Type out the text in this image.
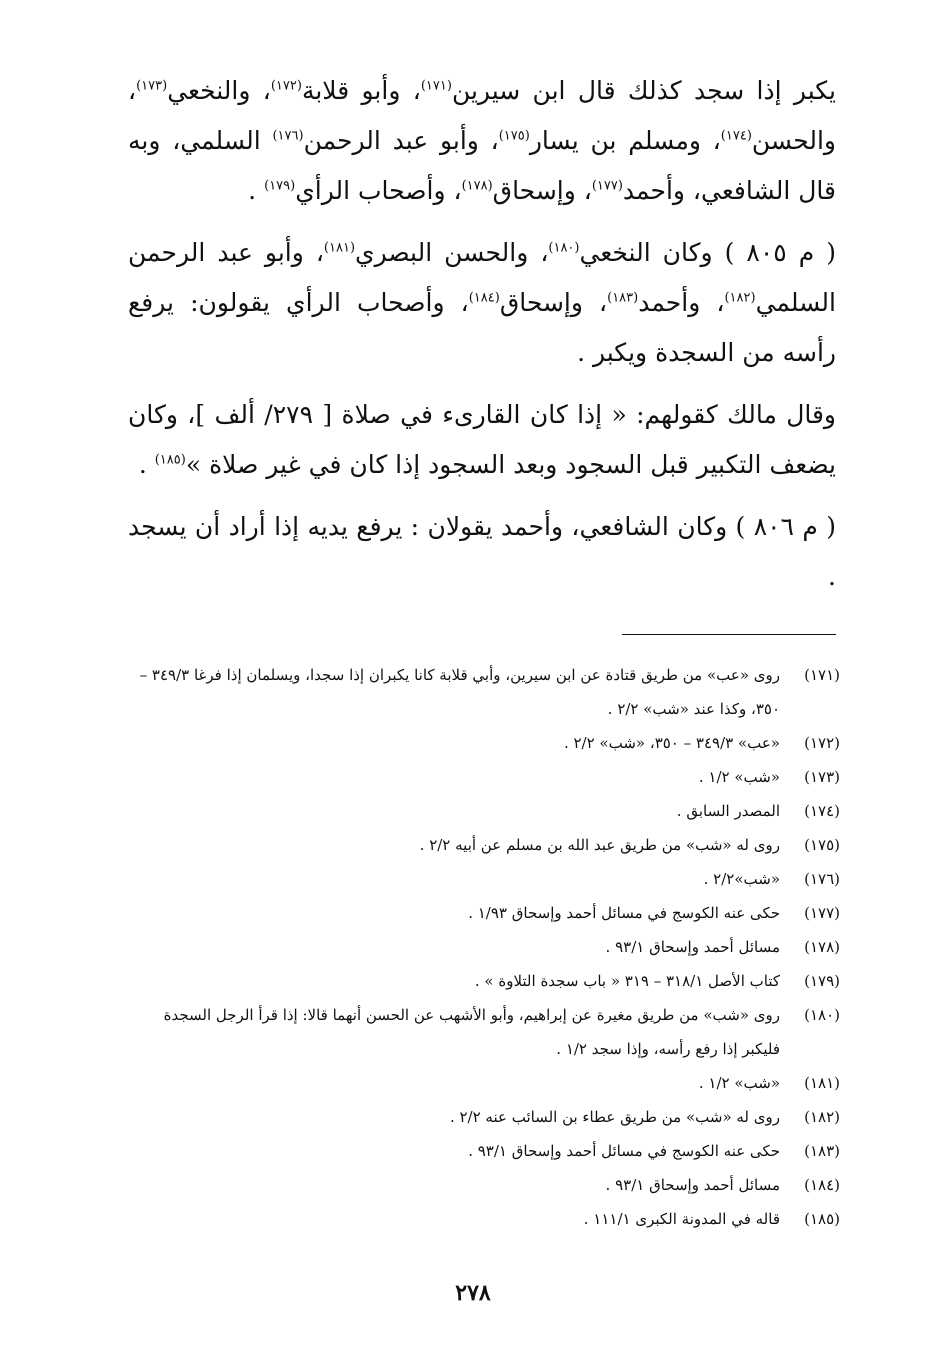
يكبر إذا سجد كذلك قال ابن سيرين$^{(١٧١)}$، وأبو قلابة$^{(١٧٢)}$، والنخعي$^{(١٧٣)}$، والحسن$^{(١٧٤)}$، ومسلم بن يسار$^{(١٧٥)}$، وأبو عبد الرحمن$^{(١٧٦)}$ السلمي، وبه قال الشافعي، وأحمد$^{(١٧٧)}$، وإسحاق$^{(١٧٨)}$، وأصحاب الرأي$^{(١٧٩)}$ .

( م ٨٠٥ ) وكان النخعي$^{(١٨٠)}$، والحسن البصري$^{(١٨١)}$، وأبو عبد الرحمن السلمي$^{(١٨٢)}$، وأحمد$^{(١٨٣)}$، وإسحاق$^{(١٨٤)}$، وأصحاب الرأي يقولون: يرفع رأسه من السجدة ويكبر .

وقال مالك كقولهم: « إذا كان القارىء في صلاة [ ٢٧٩/ ألف ]، وكان يضعف التكبير قبل السجود وبعد السجود إذا كان في غير صلاة »$^{(١٨٥)}$ .

( م ٨٠٦ ) وكان الشافعي، وأحمد يقولان : يرفع يديه إذا أراد أن يسجد .

(١٧١)
روى «عب» من طريق قتادة عن ابن سيرين، وأبي قلابة كانا يكبران إذا سجدا، ويسلمان إذا فرغا ٣٤٩/٣ – ٣٥٠، وكذا عند «شب» ٢/٢ .
(١٧٢)
«عب» ٣٤٩/٣ – ٣٥٠، «شب» ٢/٢ .
(١٧٣)
«شب» ١/٢ .
(١٧٤)
المصدر السابق .
(١٧٥)
روى له «شب» من طريق عبد الله بن مسلم عن أبيه ٢/٢ .
(١٧٦)
«شب»٢/٢ .
(١٧٧)
حكى عنه الكوسج في مسائل أحمد وإسحاق ١/٩٣ .
(١٧٨)
مسائل أحمد وإسحاق ٩٣/١ .
(١٧٩)
كتاب الأصل ٣١٨/١ – ٣١٩ « باب سجدة التلاوة » .
(١٨٠)
روى «شب» من طريق مغيرة عن إبراهيم، وأبو الأشهب عن الحسن أنهما قالا: إذا قرأ الرجل السجدة فليكبر إذا رفع رأسه، وإذا سجد ١/٢ .
(١٨١)
«شب» ١/٢ .
(١٨٢)
روى له «شب» من طريق عطاء بن السائب عنه ٢/٢ .
(١٨٣)
حكى عنه الكوسج في مسائل أحمد وإسحاق ٩٣/١ .
(١٨٤)
مسائل أحمد وإسحاق ٩٣/١ .
(١٨٥)
قاله في المدونة الكبرى ١١١/١ .
٢٧٨
